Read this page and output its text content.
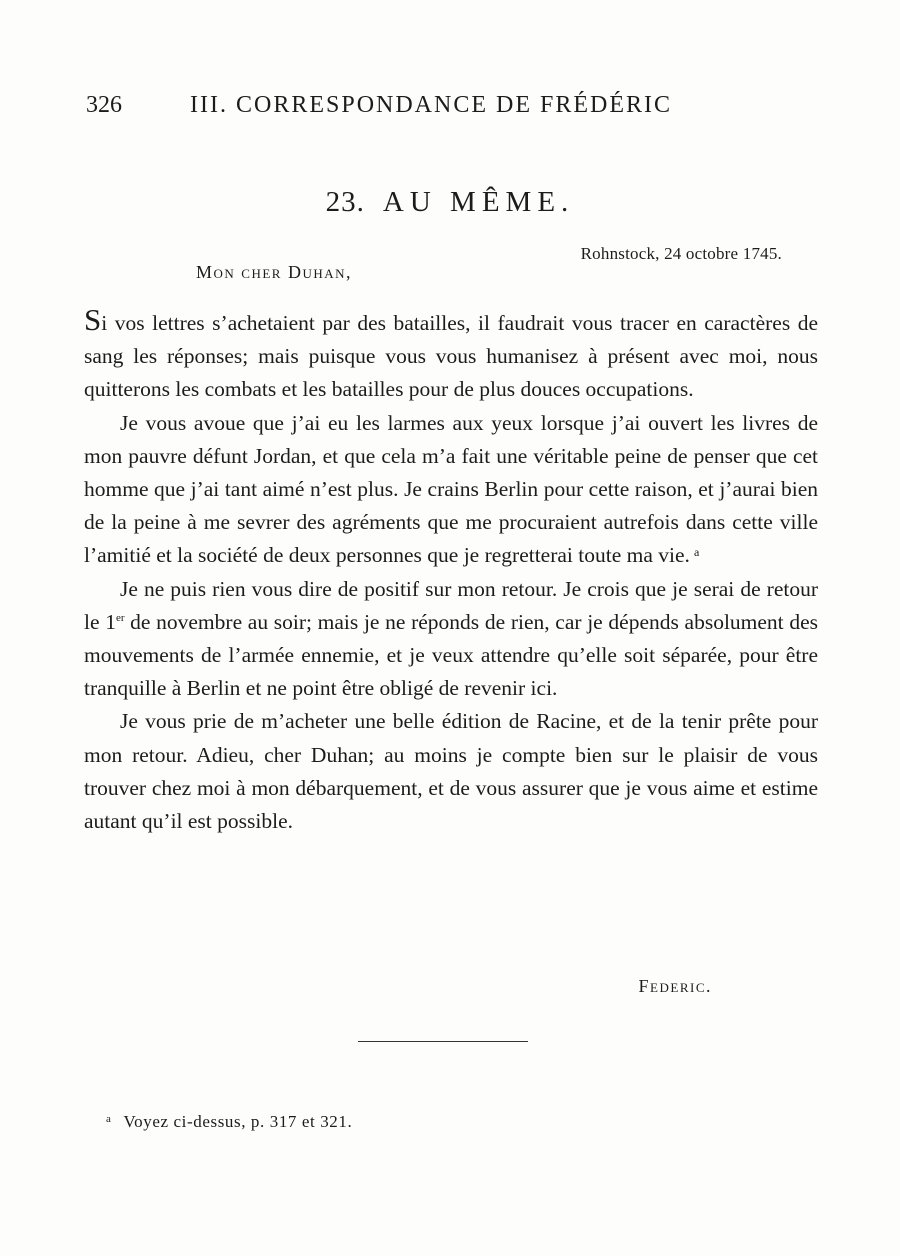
326	III. CORRESPONDANCE DE FRÉDÉRIC
23. AU MÊME.
Rohnstock, 24 octobre 1745.
Mon cher Duhan,

Si vos lettres s’achetaient par des batailles, il faudrait vous tracer en caractères de sang les réponses; mais puisque vous vous humanisez à présent avec moi, nous quitterons les combats et les batailles pour de plus douces occupations.

Je vous avoue que j’ai eu les larmes aux yeux lorsque j’ai ouvert les livres de mon pauvre défunt Jordan, et que cela m’a fait une véritable peine de penser que cet homme que j’ai tant aimé n’est plus. Je crains Berlin pour cette raison, et j’aurai bien de la peine à me sevrer des agréments que me procuraient autrefois dans cette ville l’amitié et la société de deux personnes que je regretterai toute ma vie. $^a$

Je ne puis rien vous dire de positif sur mon retour. Je crois que je serai de retour le 1er de novembre au soir; mais je ne réponds de rien, car je dépends absolument des mouvements de l’armée ennemie, et je veux attendre qu’elle soit séparée, pour être tranquille à Berlin et ne point être obligé de revenir ici.

Je vous prie de m’acheter une belle édition de Racine, et de la tenir prête pour mon retour. Adieu, cher Duhan; au moins je compte bien sur le plaisir de vous trouver chez moi à mon débarquement, et de vous assurer que je vous aime et estime autant qu’il est possible.

Federic.
$^a$ Voyez ci-dessus, p. 317 et 321.
